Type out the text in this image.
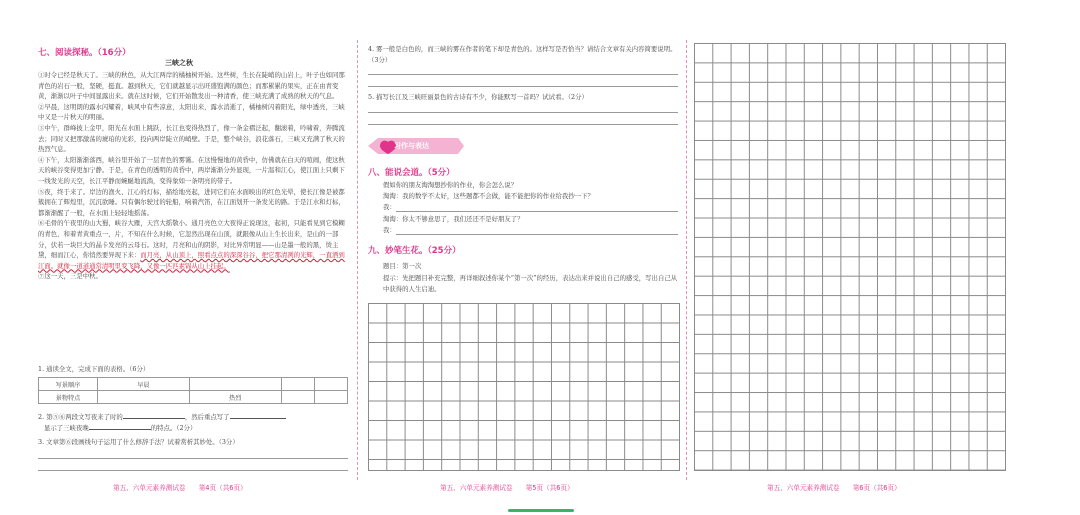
七、阅读探秘。（16分）
三峡之秋
①时令已经是秋天了。三峡的秋色，从大江两岸的橘柚树开始。这些树，生长在陡峭的山岩上，叶子也如同那青色的岩石一般，坚硬，挺直。越到秋天，它们就越显示出旺盛饱满的颜色；而那累累的果实，正在由青变黄，渐渐以叶子中间显露出来。就在这时候，它们开始散发出一种清香，使三峡充满了成熟的秋天的气息。
②早晨，这明朗的露水闪耀着，峡风中有些凉意，太阳出来，露水消逝了，橘柚树闪着阳光，绿中透亮，三峡中又是一片秋天的明丽。
③中午，群峰披上金甲，阳光在水面上跳跃，长江也变得热烈了，像一条金褶泛起，翻滚着，吟啸着，奔腾流去；同时又把那激荡的琥珀的光彩，投向两岸陡立的峭壁。于是，整个峡谷，浪花落石，三峡又充满了秋天的热烈气息。
④下午，太阳渐渐落西，峡谷里开始了一层青色的雾霭。在这慢慢地的黄昏中，仿佛就在白天的喧闹，使这秋天的峡谷变得更加宁静。于是，在青色的透明的黄昏中，两岸渐渐分外显现，一片温和江心，使江面上只剩下一线发光的天空，长江平静而蜿蜒地流淌，变得象如一条明亮的带子。
⑤夜，终于来了。岸边的渔火、江心的灯标，描绘地亮起，进同它们在水面映出的红色光晕，使长江像是被都簇拥在了辉煌里，沉沉欲睡。只有偶尔驶过的轮船，响着汽笛，在江面划开一条发光的路。于是江水和灯标，都渐渐醒了一般，在水面上轻轻地摇荡。
⑥毛骨的午夜里的山大蜀，峡谷大雁，天宫大摇敬小。通月亮色立大夜得正说现这，起初，只能看见到它模糊的青色，和着青黄重点一，片，不知在什么时候，它忽然出现在山顶，就跟像从山上生长出来，是山的一部分，伏若一块巨大的晶卡发亮的云母石。这时，月亮和山的阴影，对比异常明显——山是墨一般的黑，烫主黛，细而江心，你悄然要异现下来：而月亮，从山顶上，照看点点的深深谷谷，把它那清冽的光辉，一直洒到江面。就像一道道通常清明里变飞降，又像一匹匹素锦从山上挂起。
⑦这一天，三是中秋。
1. 通读全文，完成下面的表格。（6分）
写景顺序	早晨			
景物特点		热烈		
2. 第⑤⑥两段文写夜来了时的	，然后重点写了
显示了三峡夜晚	的特点。（2分）
3. 文章第⑥段画线句子运用了什么修辞手法？试着赏析其妙处。（3分）
第五、六单元素养测试卷　　第4页（共6页）
4. 雾一般是白色的，而三峡的雾在作者的笔下却是青色的。这样写是否恰当？请结合文章有关内容简要说明。（3分）
5. 描写长江及三峡旺丽景色的古诗有不少，你能默写一首吗？试试看。（2分）
习作与表达
八、能说会道。（5分）
假如你的朋友淘淘想抄你的作业，你会怎么说？
淘淘：我的数学不太好，这些题都不会做，能不能把你的作业给我抄一下？
我：
淘淘：你太不够意思了，我们还还不是好朋友了？
我：
九、妙笔生花。（25分）
题目：第一次
提示：先把题目补充完整，再详细叙述你某个“第一次”的经历，表达出来并说出自己的感受，写出自己从中获得的人生启迪。
第五、六单元素养测试卷　　第5页（共6页）	第五、六单元素养测试卷　　第6页（共6页）
